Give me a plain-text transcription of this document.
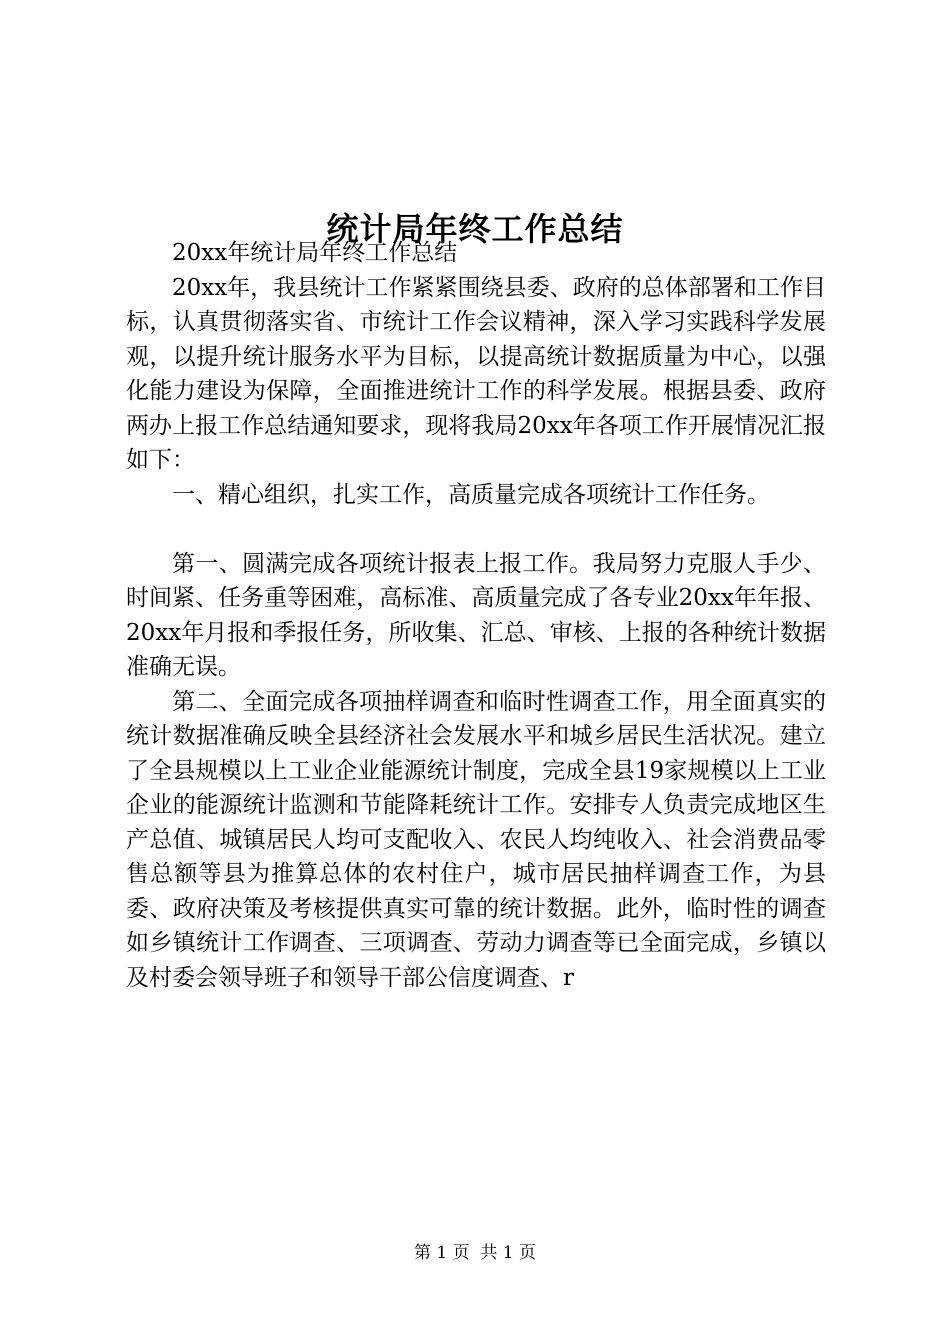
统计局年终工作总结

20xx年统计局年终工作总结

20xx年，我县统计工作紧紧围绕县委、政府的总体部署和工作目标，认真贯彻落实省、市统计工作会议精神，深入学习实践科学发展观，以提升统计服务水平为目标，以提高统计数据质量为中心，以强化能力建设为保障，全面推进统计工作的科学发展。根据县委、政府两办上报工作总结通知要求，现将我局20xx年各项工作开展情况汇报如下：

一、精心组织，扎实工作，高质量完成各项统计工作任务。

第一、圆满完成各项统计报表上报工作。我局努力克服人手少、时间紧、任务重等困难，高标准、高质量完成了各专业20xx年年报、20xx年月报和季报任务，所收集、汇总、审核、上报的各种统计数据准确无误。

第二、全面完成各项抽样调查和临时性调查工作，用全面真实的统计数据准确反映全县经济社会发展水平和城乡居民生活状况。建立了全县规模以上工业企业能源统计制度，完成全县19家规模以上工业企业的能源统计监测和节能降耗统计工作。安排专人负责完成地区生产总值、城镇居民人均可支配收入、农民人均纯收入、社会消费品零售总额等县为推算总体的农村住户，城市居民抽样调查工作，为县委、政府决策及考核提供真实可靠的统计数据。此外，临时性的调查如乡镇统计工作调查、三项调查、劳动力调查等已全面完成，乡镇以及村委会领导班子和领导干部公信度调查、r

第 1 页  共 1 页
